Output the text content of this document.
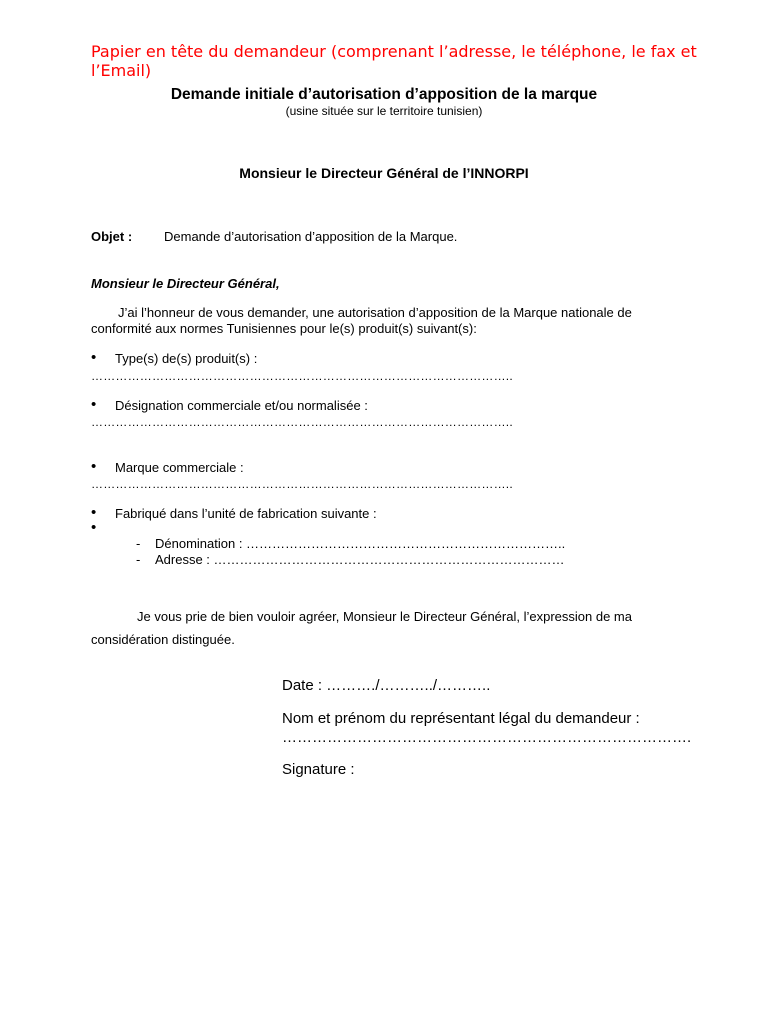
Papier en tête du demandeur (comprenant l’adresse, le téléphone, le fax et l’Email)
Demande initiale d’autorisation d’apposition de la marque
(usine située sur le territoire tunisien)
Monsieur le Directeur Général de l’INNORPI
Objet : Demande d’autorisation d’apposition de la Marque.
Monsieur le Directeur Général,
J’ai l’honneur de vous demander, une autorisation d’apposition de la Marque nationale de conformité aux normes Tunisiennes pour le(s) produit(s) suivant(s):
• Type(s) de(s) produit(s) :
…………………………………………………………………………………………..
• Désignation commerciale et/ou normalisée :
…………………………………………………………………………………………..
• Marque commerciale :
…………………………………………………………………………………………..
• Fabriqué dans l’unité de fabrication suivante :
•
- Dénomination : ………………………………………………………………..
- Adresse : ………………………………………………………………………
Je vous prie de bien vouloir agréer, Monsieur le Directeur Général, l’expression de ma considération distinguée.
Date : ………./………../………..
Nom et prénom du représentant légal du demandeur :
……………………………………………………………………….
Signature :
